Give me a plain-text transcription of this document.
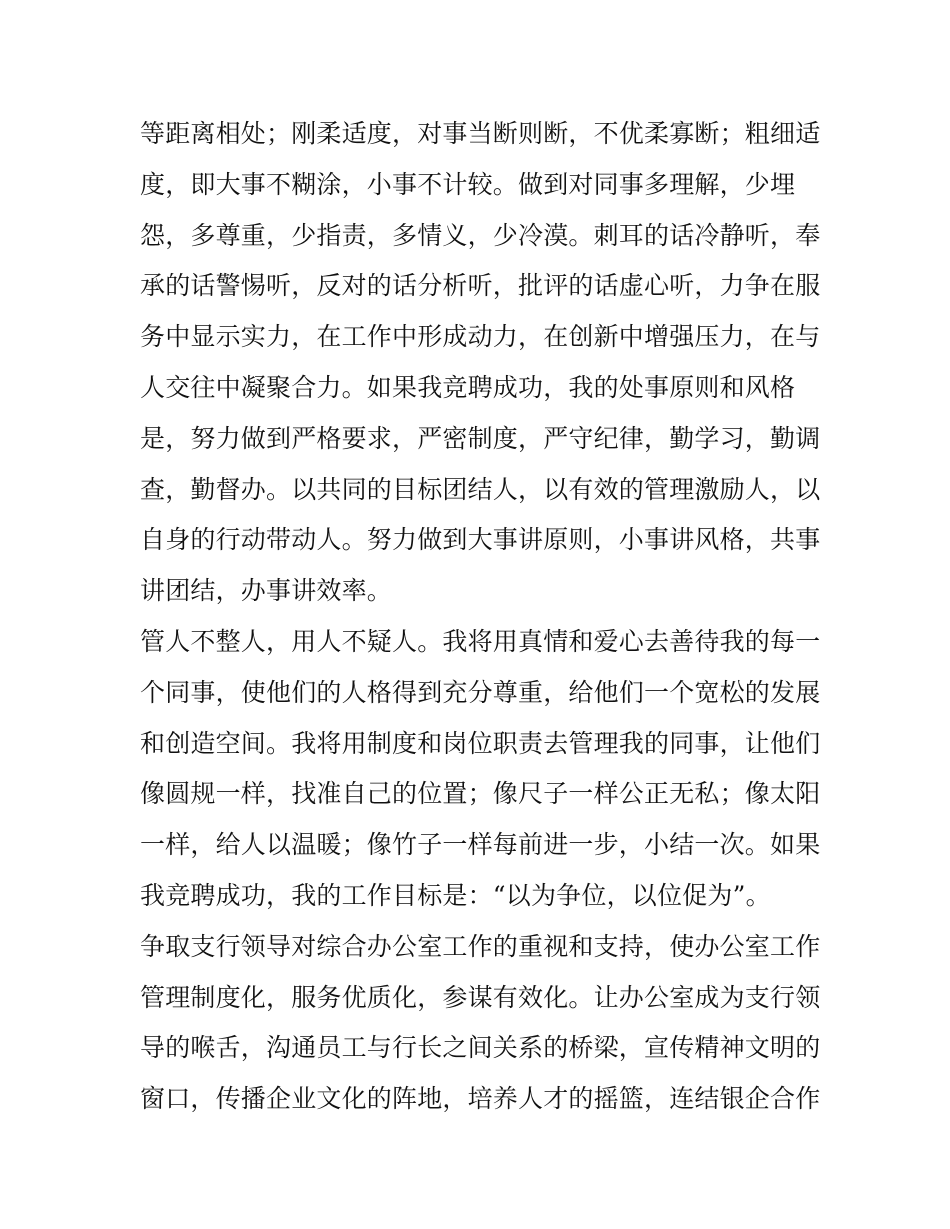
等距离相处；刚柔适度，对事当断则断，不优柔寡断；粗细适
度，即大事不糊涂，小事不计较。做到对同事多理解，少埋
怨，多尊重，少指责，多情义，少冷漠。刺耳的话冷静听，奉
承的话警惕听，反对的话分析听，批评的话虚心听，力争在服
务中显示实力，在工作中形成动力，在创新中增强压力，在与
人交往中凝聚合力。如果我竞聘成功，我的处事原则和风格
是，努力做到严格要求，严密制度，严守纪律，勤学习，勤调
查，勤督办。以共同的目标团结人，以有效的管理激励人，以
自身的行动带动人。努力做到大事讲原则，小事讲风格，共事
讲团结，办事讲效率。
管人不整人，用人不疑人。我将用真情和爱心去善待我的每一
个同事，使他们的人格得到充分尊重，给他们一个宽松的发展
和创造空间。我将用制度和岗位职责去管理我的同事，让他们
像圆规一样，找准自己的位置；像尺子一样公正无私；像太阳
一样，给人以温暖；像竹子一样每前进一步，小结一次。如果
我竞聘成功，我的工作目标是：“以为争位，以位促为”。
争取支行领导对综合办公室工作的重视和支持，使办公室工作
管理制度化，服务优质化，参谋有效化。让办公室成为支行领
导的喉舌，沟通员工与行长之间关系的桥梁，宣传精神文明的
窗口，传播企业文化的阵地，培养人才的摇篮，连结银企合作
